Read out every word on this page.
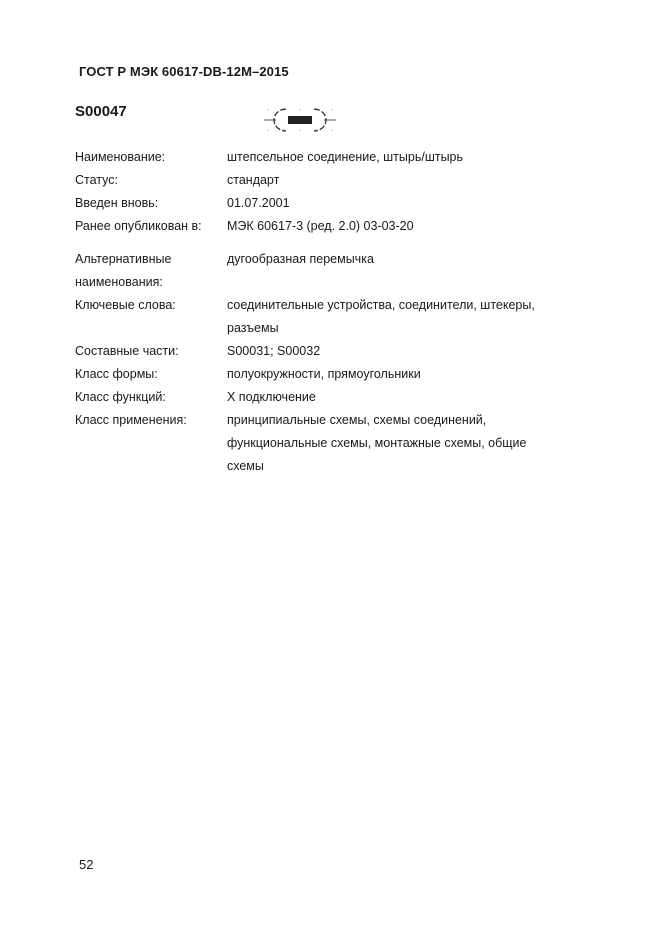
ГОСТ Р МЭК 60617-DB-12M–2015
S00047
Наименование:	штепсельное соединение, штырь/штырь
Статус:	стандарт
Введен вновь:	01.07.2001
Ранее опубликован в:	МЭК 60617-3 (ред. 2.0) 03-03-20
Альтернативные	дугообразная перемычка
наименования:
Ключевые слова:	соединительные устройства, соединители, штекеры,
разъемы
Составные части:	S00031; S00032
Класс формы:	полуокружности, прямоугольники
Класс функций:	X подключение
Класс применения:	принципиальные схемы, схемы соединений,
функциональные схемы, монтажные схемы, общие
схемы
52
